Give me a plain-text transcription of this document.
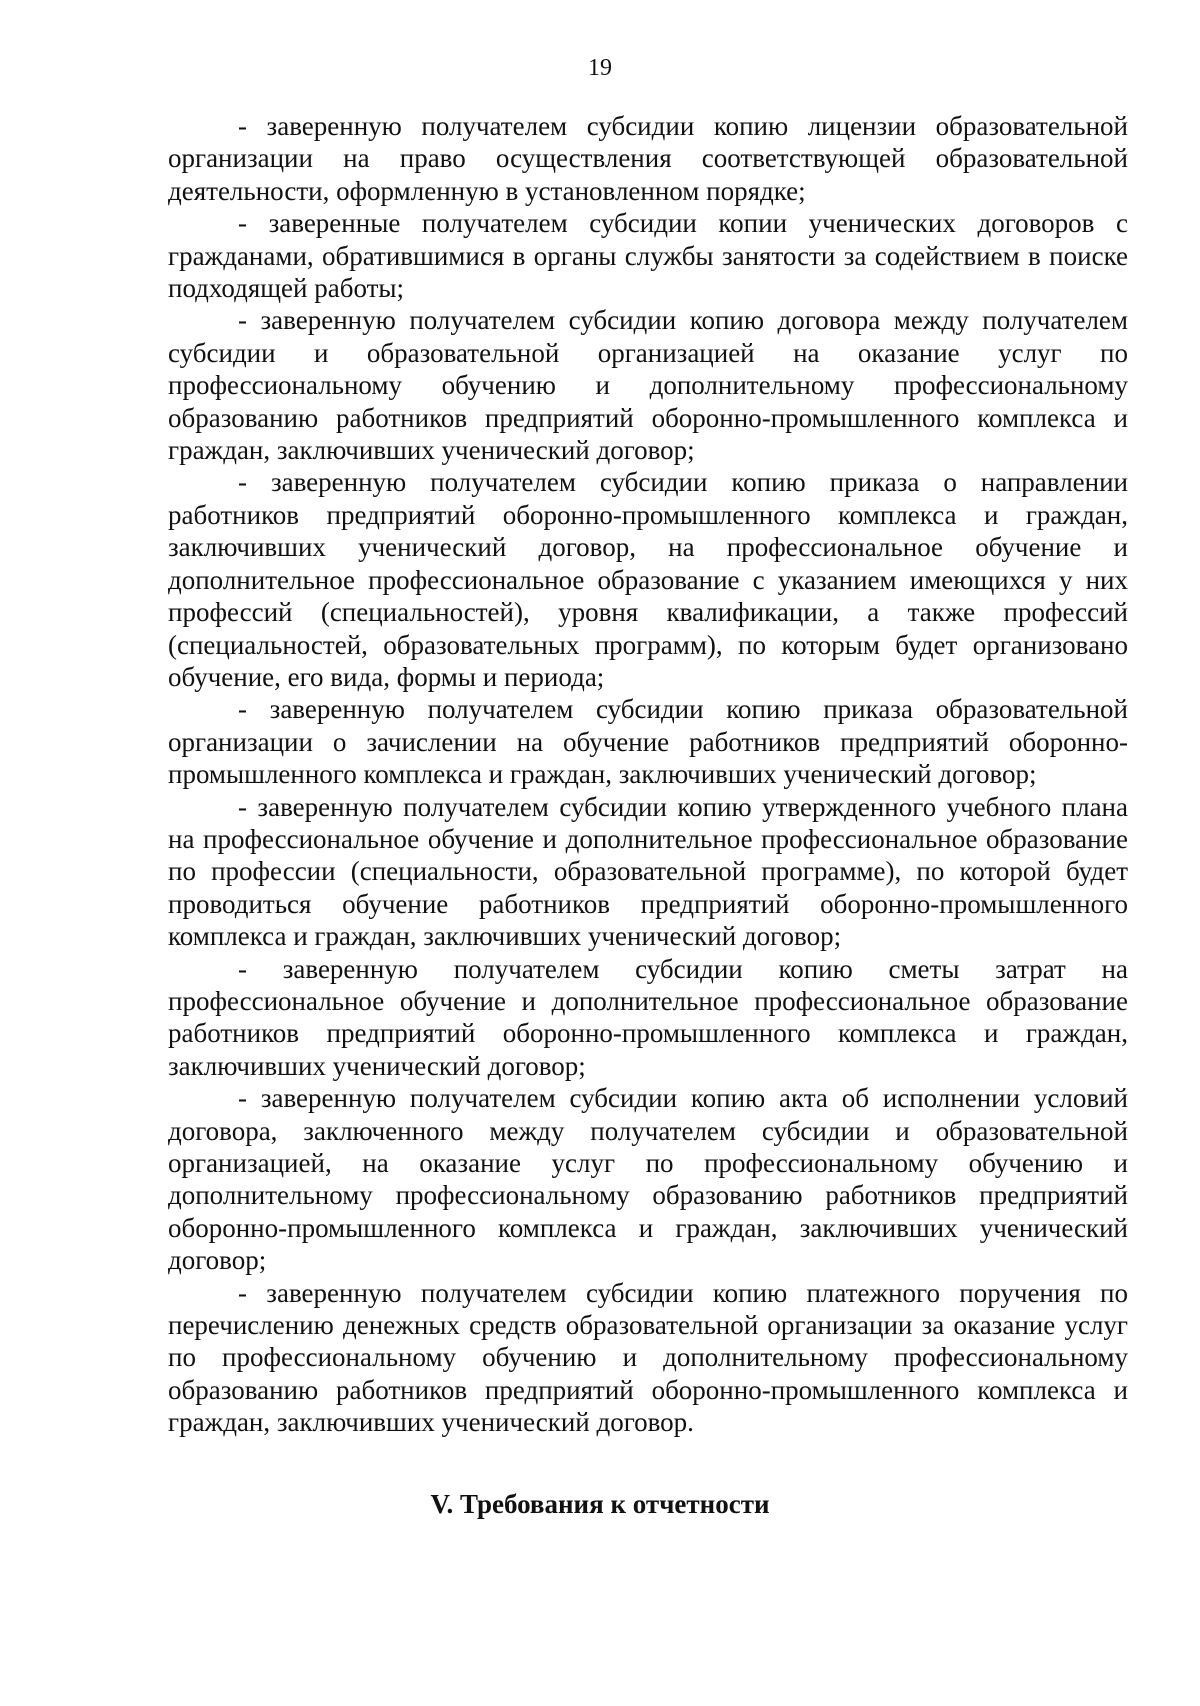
19

- заверенную получателем субсидии копию лицензии образовательной организации на право осуществления соответствующей образовательной деятельности, оформленную в установленном порядке;

- заверенные получателем субсидии копии ученических договоров с гражданами, обратившимися в органы службы занятости за содействием в поиске подходящей работы;

- заверенную получателем субсидии копию договора между получателем субсидии и образовательной организацией на оказание услуг по профессиональному обучению и дополнительному профессиональному образованию работников предприятий оборонно-промышленного комплекса и граждан, заключивших ученический договор;

- заверенную получателем субсидии копию приказа о направлении работников предприятий оборонно-промышленного комплекса и граждан, заключивших ученический договор, на профессиональное обучение и дополнительное профессиональное образование с указанием имеющихся у них профессий (специальностей), уровня квалификации, а также профессий (специальностей, образовательных программ), по которым будет организовано обучение, его вида, формы и периода;

- заверенную получателем субсидии копию приказа образовательной организации о зачислении на обучение работников предприятий оборонно-промышленного комплекса и граждан, заключивших ученический договор;

- заверенную получателем субсидии копию утвержденного учебного плана на профессиональное обучение и дополнительное профессиональное образование по профессии (специальности, образовательной программе), по которой будет проводиться обучение работников предприятий оборонно-промышленного комплекса и граждан, заключивших ученический договор;

- заверенную получателем субсидии копию сметы затрат на профессиональное обучение и дополнительное профессиональное образование работников предприятий оборонно-промышленного комплекса и граждан, заключивших ученический договор;

- заверенную получателем субсидии копию акта об исполнении условий договора, заключенного между получателем субсидии и образовательной организацией, на оказание услуг по профессиональному обучению и дополнительному профессиональному образованию работников предприятий оборонно-промышленного комплекса и граждан, заключивших ученический договор;

- заверенную получателем субсидии копию платежного поручения по перечислению денежных средств образовательной организации за оказание услуг по профессиональному обучению и дополнительному профессиональному образованию работников предприятий оборонно-промышленного комплекса и граждан, заключивших ученический договор.

V. Требования к отчетности
